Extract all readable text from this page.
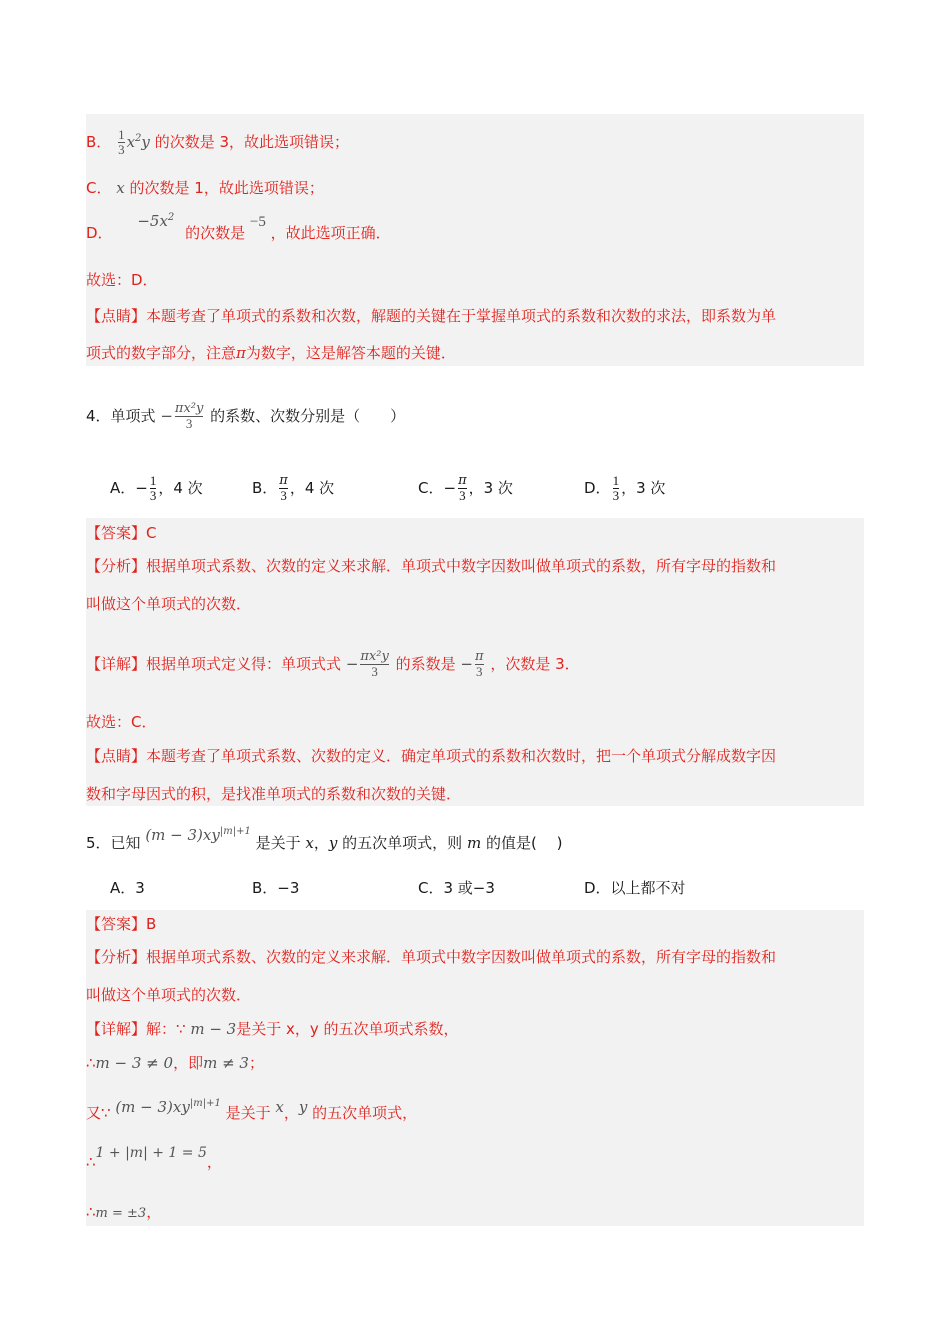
B． $\frac{1}{3} x^2y$ 的次数是 3，故此选项错误；
C． x 的次数是 1，故此选项错误；
D． $-5x^2$ 的次数是 −5 ，故此选项正确．
故选：D．
【点睛】本题考查了单项式的系数和次数，解题的关键在于掌握单项式的系数和次数的求法，即系数为单
项式的数字部分，注意π为数字，这是解答本题的关键．
4．单项式 − $\frac{\text{πx²y}}{3}$ 的系数、次数分别是（　　）
A．− $\frac{1}{3}$ ，4 次	B． $\frac{\pi}{3}$ ，4 次	C．− $\frac{\pi}{3}$ ，3 次	D． $\frac{1}{3}$ ，3 次
【答案】C
【分析】根据单项式系数、次数的定义来求解．单项式中数字因数叫做单项式的系数，所有字母的指数和
叫做这个单项式的次数．
【详解】根据单项式定义得：单项式式 − $\frac{\text{πx²y}}{3}$ 的系数是 − $\frac{\pi}{3}$ ，次数是 3．
故选：C．
【点睛】本题考查了单项式系数、次数的定义．确定单项式的系数和次数时，把一个单项式分解成数字因
数和字母因式的积，是找准单项式的系数和次数的关键．
5．已知 $(m - 3)xy^{|m|+1}$ 是关于 x，y 的五次单项式，则 m 的值是(　 )
A．3	B．−3	C．3 或−3	D．以上都不对
【答案】B
【分析】根据单项式系数、次数的定义来求解．单项式中数字因数叫做单项式的系数，所有字母的指数和
叫做这个单项式的次数．
【详解】解：∵ m − 3是关于 x，y 的五次单项式系数，
∴m − 3 ≠ 0，即m ≠ 3；
又∵ $(m - 3)xy^{|m|+1}$ 是关于 x，y 的五次单项式，
∴1 + |m| + 1 = 5，
∴m = ±3，
